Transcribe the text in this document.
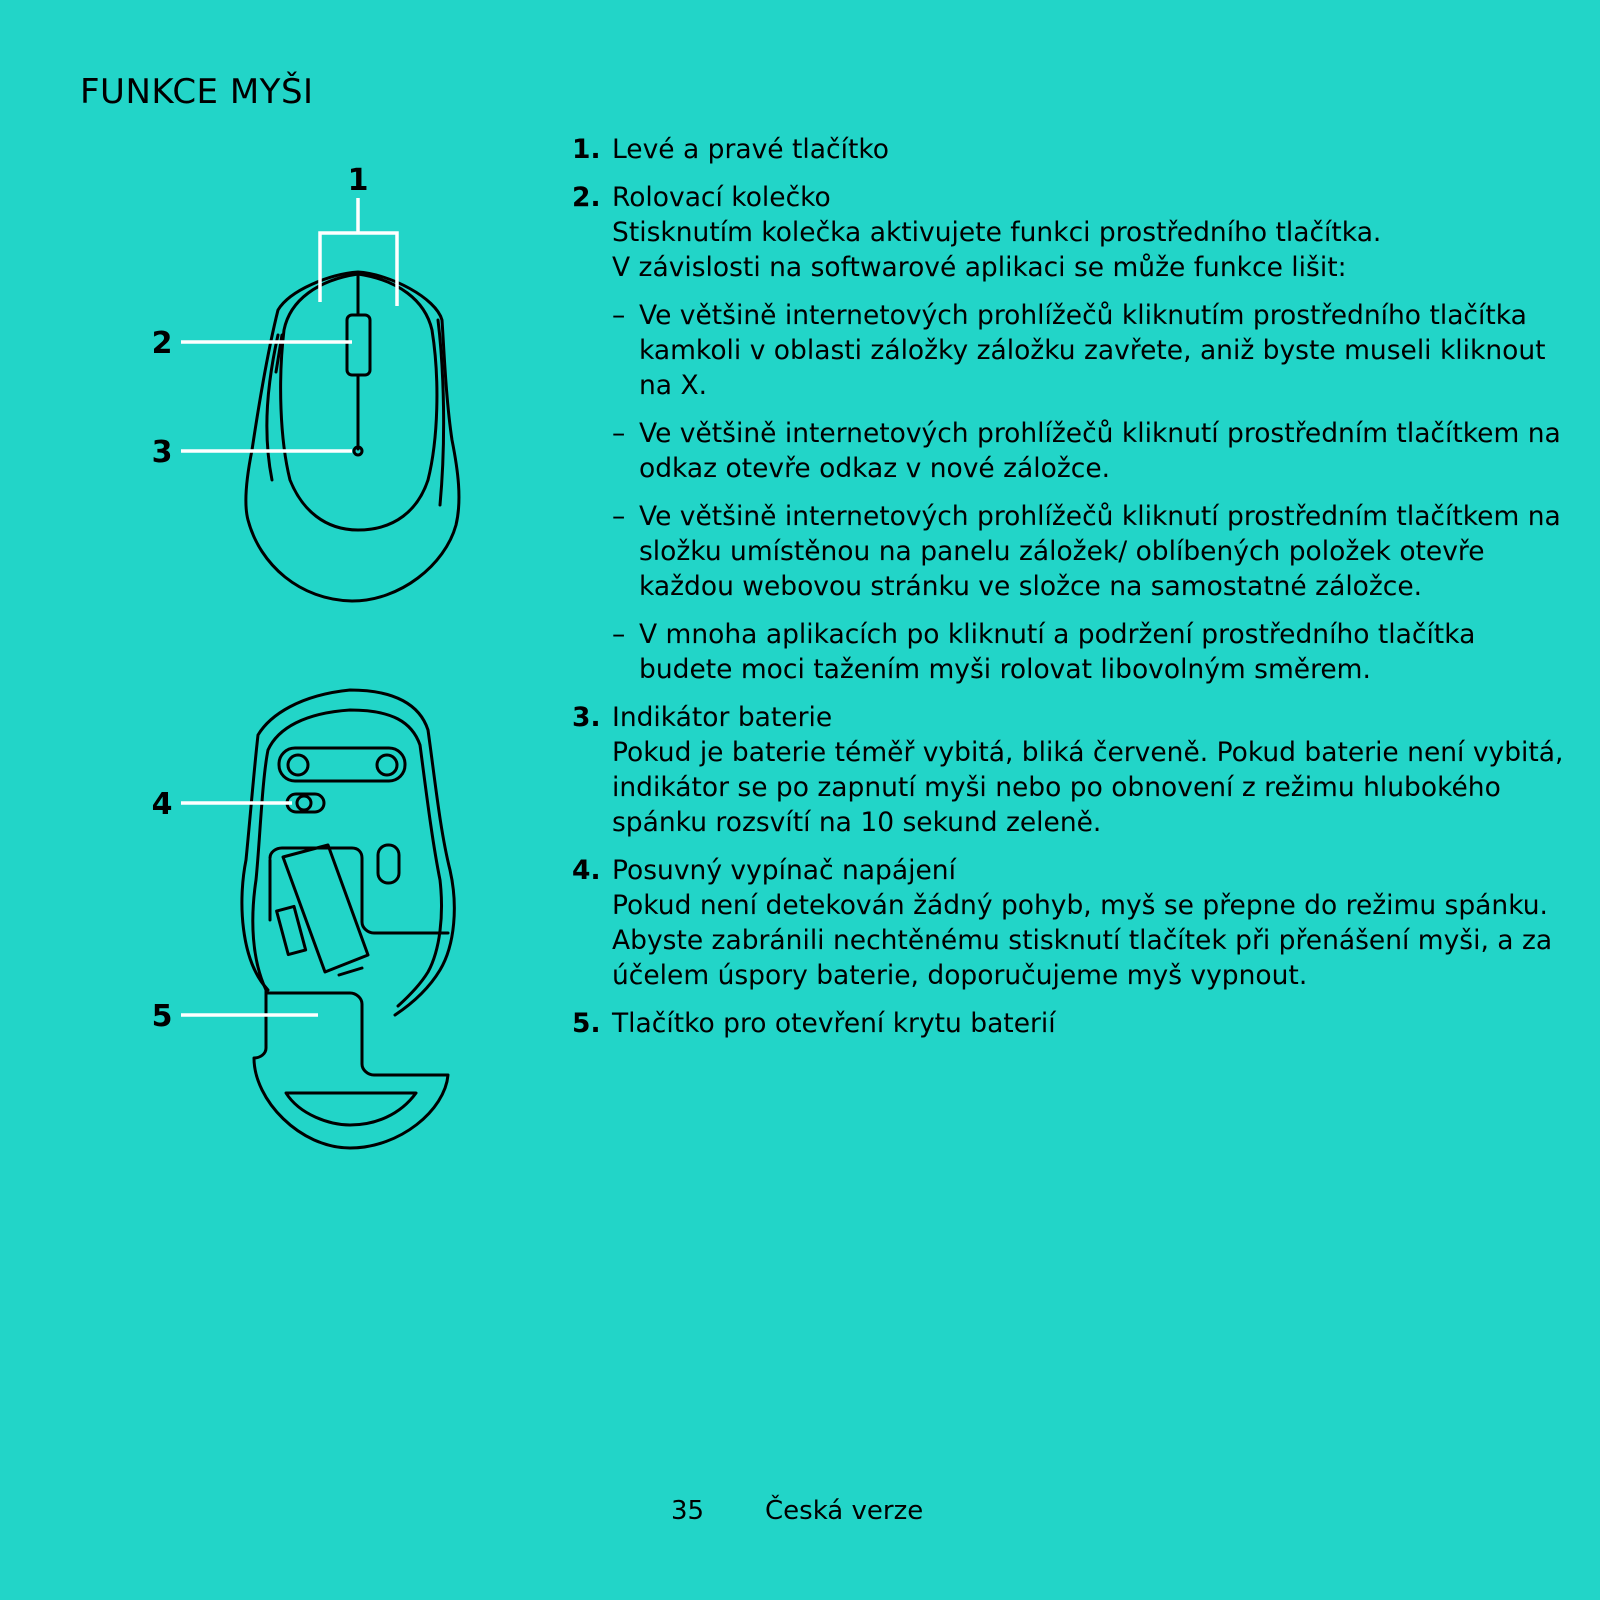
FUNKCE MYŠI
1
2
3
4
5
1. Levé a pravé tlačítko
2. Rolovací kolečko
Stisknutím kolečka aktivujete funkci prostředního tlačítka.
V závislosti na softwarové aplikaci se může funkce lišit:
– Ve většině internetových prohlížečů kliknutím prostředního tlačítka kamkoli v oblasti záložky záložku zavřete, aniž byste museli kliknout na X.
– Ve většině internetových prohlížečů kliknutí prostředním tlačítkem na odkaz otevře odkaz v nové záložce.
– Ve většině internetových prohlížečů kliknutí prostředním tlačítkem na složku umístěnou na panelu záložek/ oblíbených položek otevře každou webovou stránku ve složce na samostatné záložce.
– V mnoha aplikacích po kliknutí a podržení prostředního tlačítka budete moci tažením myši rolovat libovolným směrem.
3. Indikátor baterie
Pokud je baterie téměř vybitá, bliká červeně. Pokud baterie není vybitá, indikátor se po zapnutí myši nebo po obnovení z režimu hlubokého spánku rozsvítí na 10 sekund zeleně.
4. Posuvný vypínač napájení
Pokud není detekován žádný pohyb, myš se přepne do režimu spánku. Abyste zabránili nechtěnému stisknutí tlačítek při přenášení myši, a za účelem úspory baterie, doporučujeme myš vypnout.
5. Tlačítko pro otevření krytu baterií
35 Česká verze
